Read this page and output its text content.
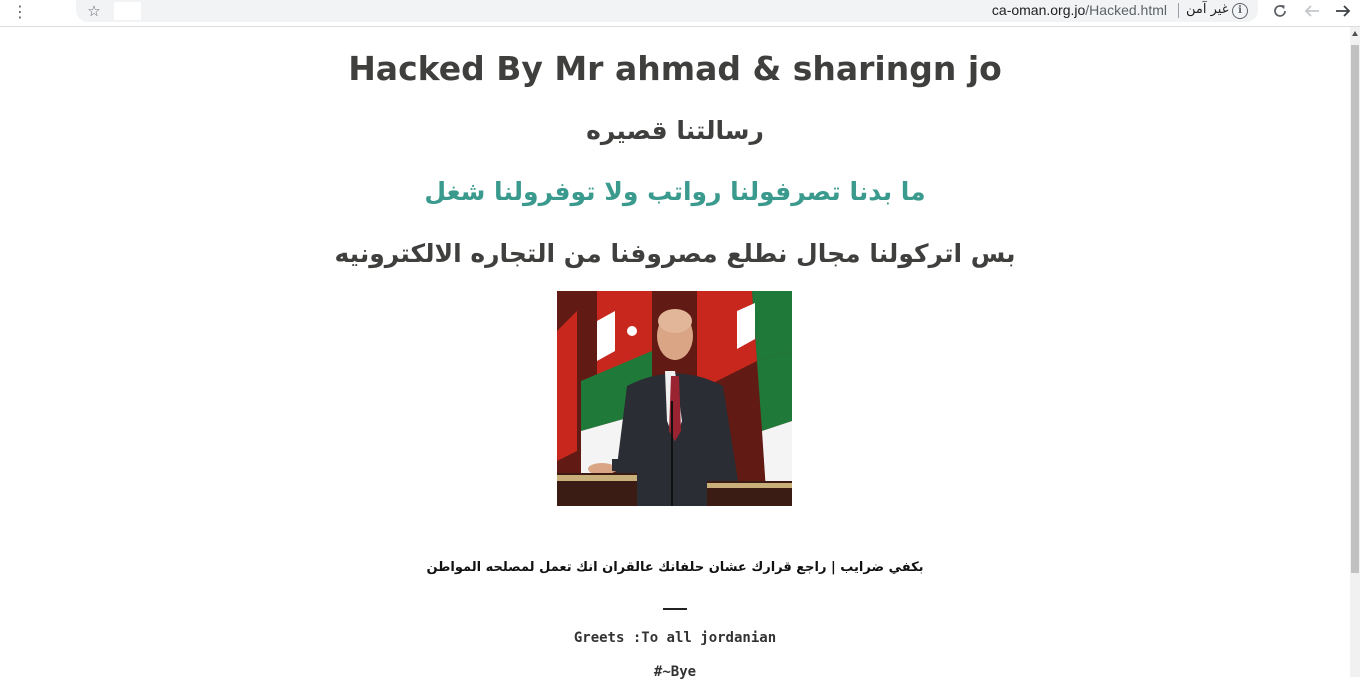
⋮	☆	ca-oman.org.jo/Hacked.html غير آمن i
Hacked By Mr ahmad & sharingn jo

رسالتنا قصيره

ما بدنا تصرفولنا رواتب ولا توفرولنا شغل

بس اتركولنا مجال نطلع مصروفنا من التجاره الالكترونيه

بكفي ضرايب | راجع قرارك عشان حلفانك عالقران انك تعمل لمصلحه المواطن

Greets :To all jordanian

#~Bye
